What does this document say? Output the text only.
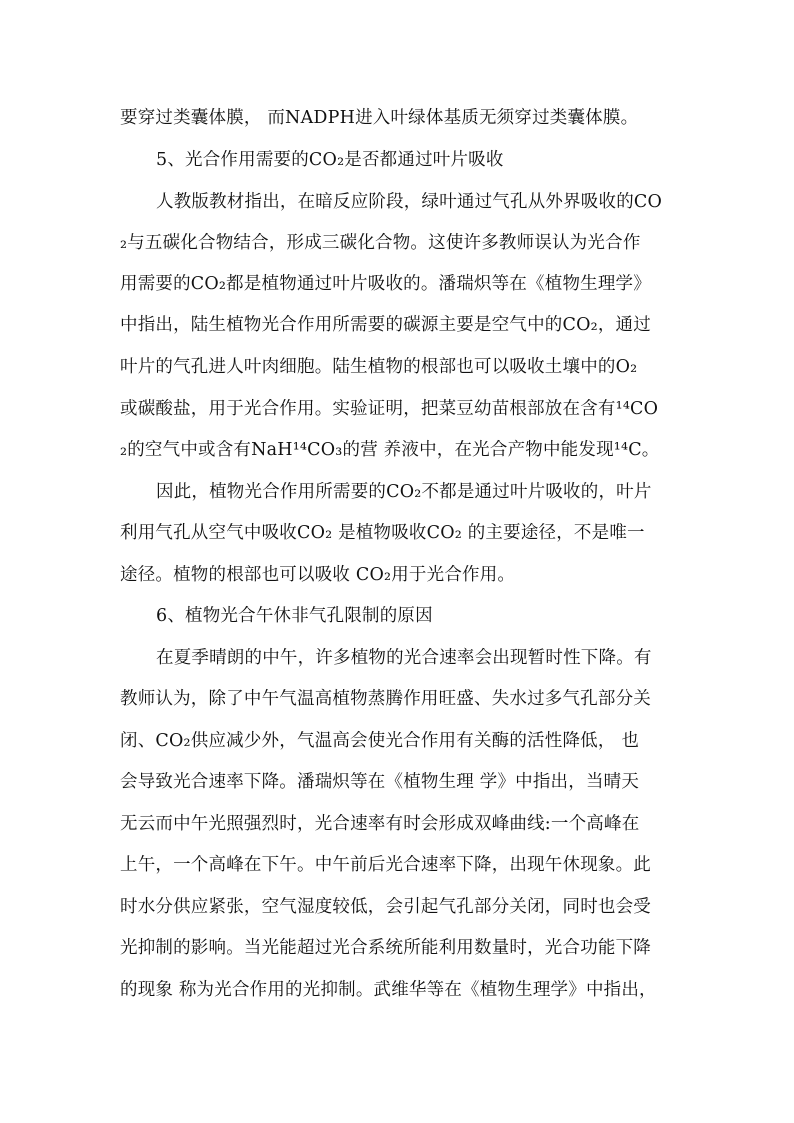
要穿过类囊体膜， 而NADPH进入叶绿体基质无须穿过类囊体膜。
5、光合作用需要的CO₂是否都通过叶片吸收
人教版教材指出，在暗反应阶段，绿叶通过气孔从外界吸收的CO
₂与五碳化合物结合，形成三碳化合物。这使许多教师误认为光合作
用需要的CO₂都是植物通过叶片吸收的。潘瑞炽等在《植物生理学》
中指出，陆生植物光合作用所需要的碳源主要是空气中的CO₂，通过
叶片的气孔进人叶肉细胞。陆生植物的根部也可以吸收土壤中的O₂
或碳酸盐，用于光合作用。实验证明，把菜豆幼苗根部放在含有¹⁴CO
₂的空气中或含有NaH¹⁴CO₃的营 养液中，在光合产物中能发现¹⁴C。
因此，植物光合作用所需要的CO₂不都是通过叶片吸收的，叶片
利用气孔从空气中吸收CO₂ 是植物吸收CO₂ 的主要途径，不是唯一
途径。植物的根部也可以吸收 CO₂用于光合作用。
6、植物光合午休非气孔限制的原因
在夏季晴朗的中午，许多植物的光合速率会出现暂时性下降。有
教师认为，除了中午气温高植物蒸腾作用旺盛、失水过多气孔部分关
闭、CO₂供应减少外，气温高会使光合作用有关酶的活性降低， 也
会导致光合速率下降。潘瑞炽等在《植物生理 学》中指出，当晴天
无云而中午光照强烈时，光合速率有时会形成双峰曲线:一个高峰在
上午，一个高峰在下午。中午前后光合速率下降，出现午休现象。此
时水分供应紧张，空气湿度较低，会引起气孔部分关闭，同时也会受
光抑制的影响。当光能超过光合系统所能利用数量时，光合功能下降
的现象 称为光合作用的光抑制。武维华等在《植物生理学》中指出，
